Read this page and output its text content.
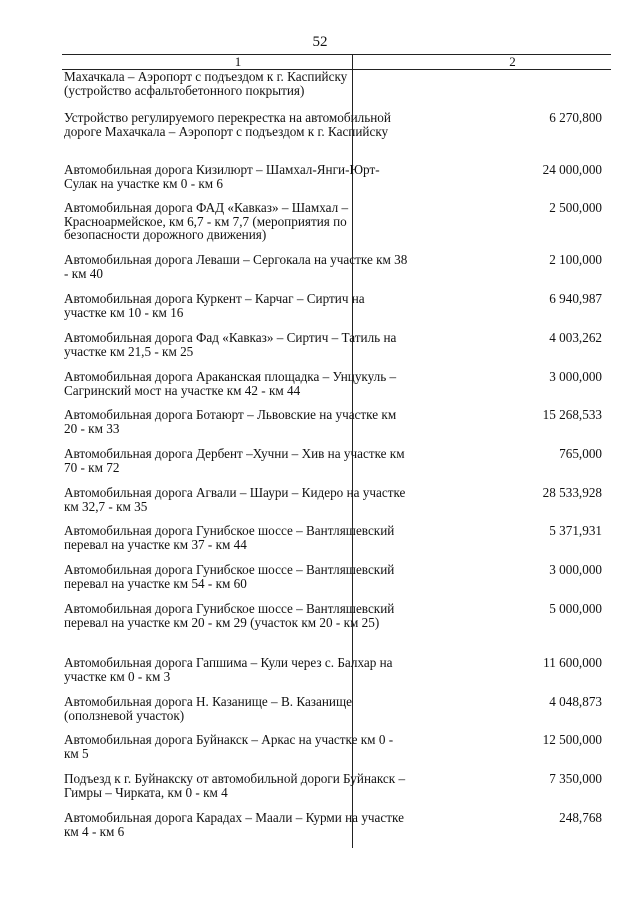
52
1	2
Махачкала – Аэропорт с подъездом к г. Каспийску (устройство асфальтобетонного покрытия)
Устройство регулируемого перекрестка на автомобильной дороге Махачкала – Аэропорт с подъездом к г. Каспийску
6 270,800
Автомобильная дорога Кизилюрт – Шамхал-Янги-Юрт-Сулак на участке км 0 - км 6
24 000,000
Автомобильная дорога ФАД «Кавказ» – Шамхал – Красноармейское, км 6,7 - км 7,7 (мероприятия по безопасности дорожного движения)
2 500,000
Автомобильная дорога Леваши – Сергокала на участке км 38 - км 40
2 100,000
Автомобильная дорога Куркент – Карчаг – Сиртич на участке км 10 - км 16
6 940,987
Автомобильная дорога Фад «Кавказ» – Сиртич – Татиль на участке км 21,5 - км 25
4 003,262
Автомобильная дорога Араканская площадка – Унцукуль – Сагринский мост на участке км 42 - км 44
3 000,000
Автомобильная дорога Ботаюрт – Львовские на участке км 20 - км 33
15 268,533
Автомобильная дорога Дербент –Хучни – Хив на участке км 70 - км 72
765,000
Автомобильная дорога Агвали – Шаури – Кидеро на участке км 32,7 - км 35
28 533,928
Автомобильная дорога Гунибское шоссе – Вантляшевский перевал на участке км 37 - км 44
5 371,931
Автомобильная дорога Гунибское шоссе – Вантляшевский перевал на участке км 54 - км 60
3 000,000
Автомобильная дорога Гунибское шоссе – Вантляшевский перевал на участке км 20 - км 29 (участок км 20 - км 25)
5 000,000
Автомобильная дорога Гапшима – Кули через с. Балхар на участке км 0 - км 3
11 600,000
Автомобильная дорога Н. Казанище – В. Казанище (оползневой участок)
4 048,873
Автомобильная дорога Буйнакск – Аркас на участке км 0 - км 5
12 500,000
Подъезд к г. Буйнакску от автомобильной дороги Буйнакск – Гимры – Чирката, км 0 - км 4
7 350,000
Автомобильная дорога Карадах – Маали – Курми на участке км 4 - км 6
248,768
